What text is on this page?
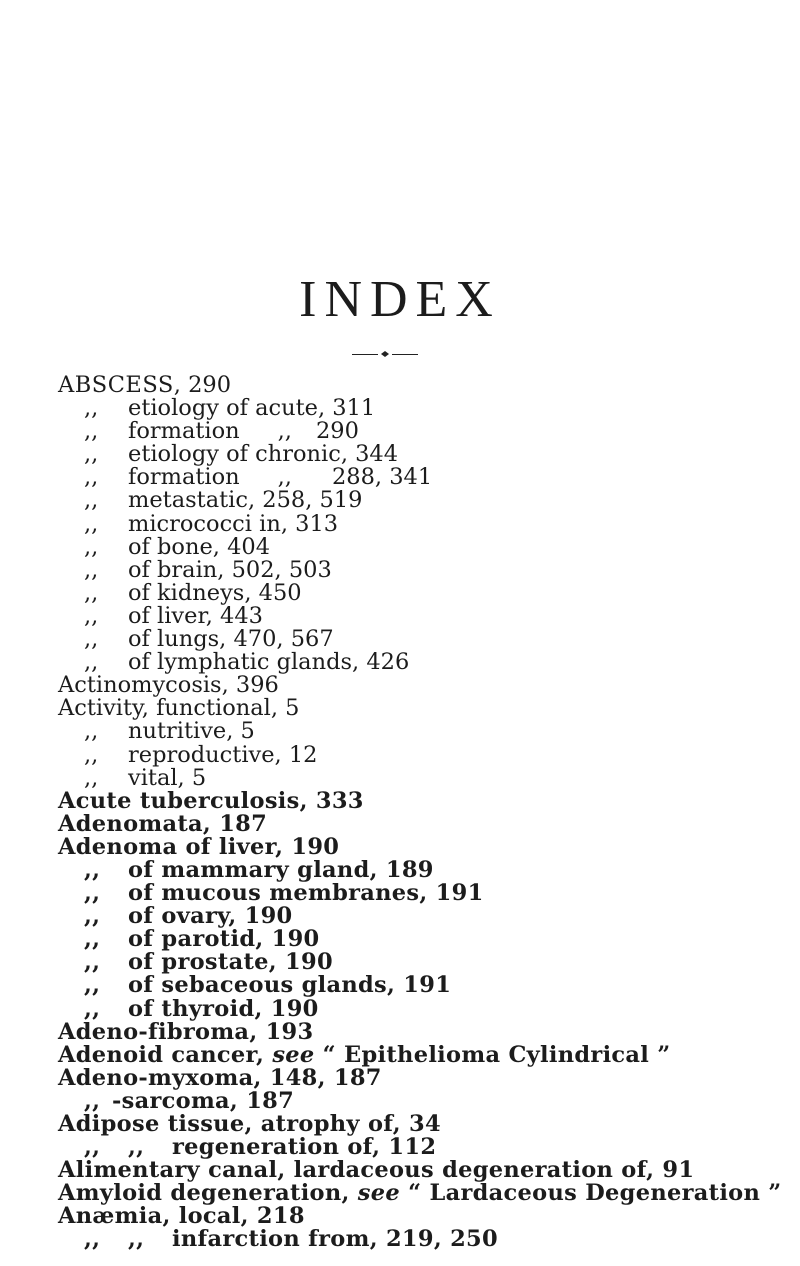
INDEX
ABSCESS, 290
,, etiology of acute, 311
,, formation ,, 290
,, etiology of chronic, 344
,, formation ,, 288, 341
,, metastatic, 258, 519
,, micrococci in, 313
,, of bone, 404
,, of brain, 502, 503
,, of kidneys, 450
,, of liver, 443
,, of lungs, 470, 567
,, of lymphatic glands, 426
Actinomycosis, 396
Activity, functional, 5
,, nutritive, 5
,, reproductive, 12
,, vital, 5
Acute tuberculosis, 333
Adenomata, 187
Adenoma of liver, 190
,, of mammary gland, 189
,, of mucous membranes, 191
,, of ovary, 190
,, of parotid, 190
,, of prostate, 190
,, of sebaceous glands, 191
,, of thyroid, 190
Adeno-fibroma, 193
Adenoid cancer, see “ Epithelioma Cylindrical ”
Adeno-myxoma, 148, 187
,, -sarcoma, 187
Adipose tissue, atrophy of, 34
,, ,, regeneration of, 112
Alimentary canal, lardaceous degeneration of, 91
Amyloid degeneration, see “ Lardaceous Degeneration ”
Anæmia, local, 218
,, ,, infarction from, 219, 250
